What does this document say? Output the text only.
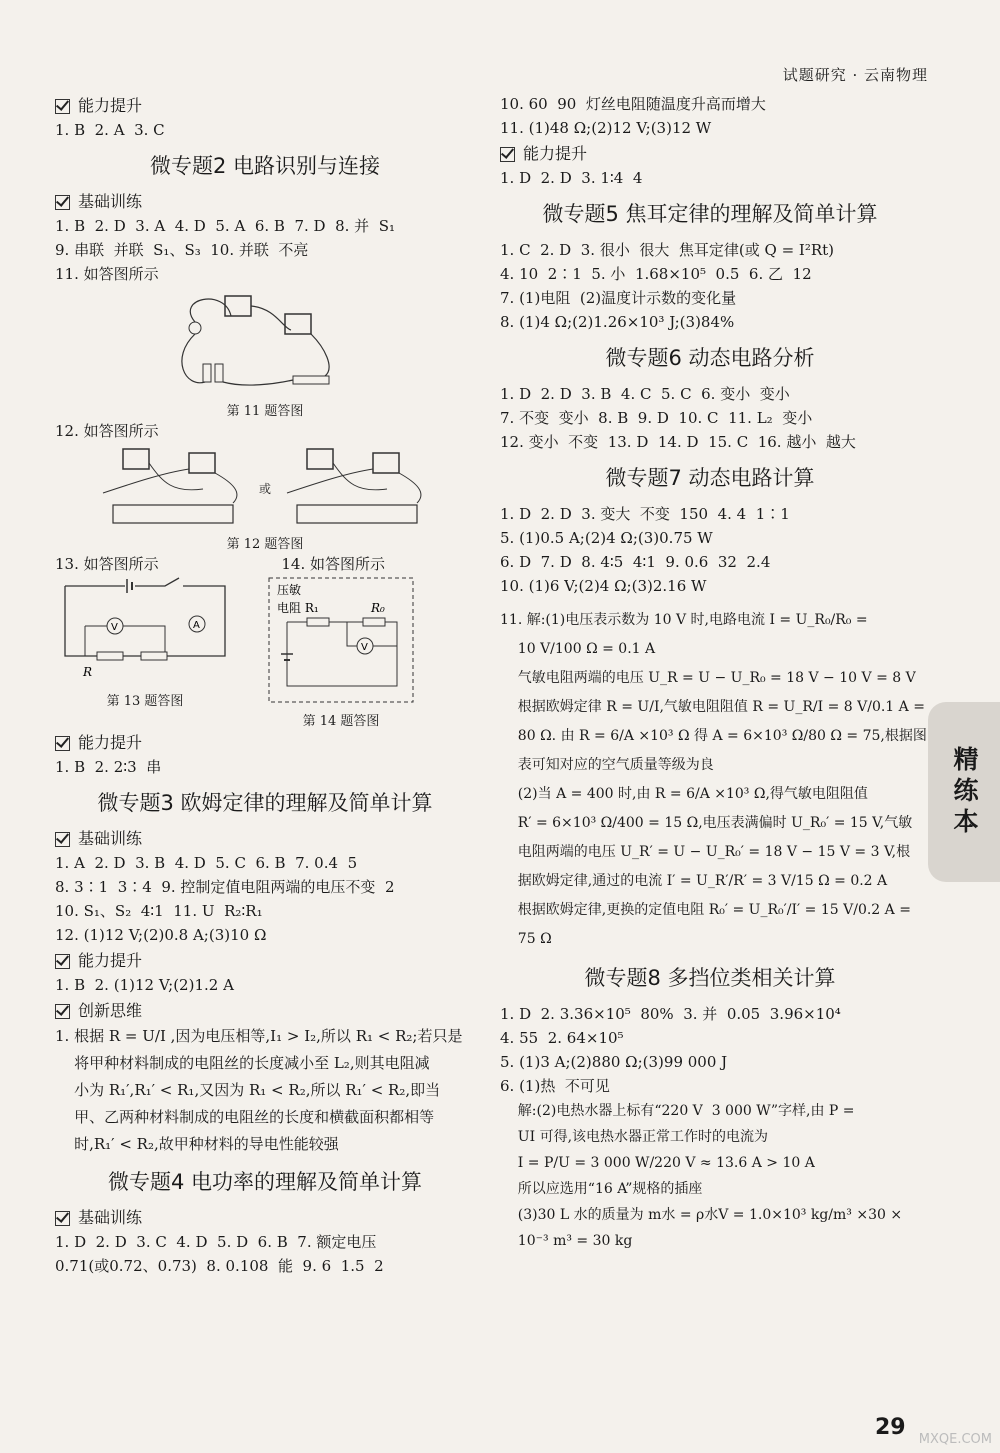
试题研究 · 云南物理
能力提升
1. B  2. A  3. C
微专题2 电路识别与连接
基础训练
1. B  2. D  3. A  4. D  5. A  6. B  7. D  8. 并  S₁
9. 串联  并联  S₁、S₃  10. 并联  不亮
11. 如答图所示
第 11 题答图
12. 如答图所示
或
第 12 题答图
13. 如答图所示	14. 如答图所示
A
V
R
第 13 题答图
压敏
电阻 R₁	R₀
V
第 14 题答图
能力提升
1. B  2. 2∶3  串
微专题3 欧姆定律的理解及简单计算
基础训练
1. A  2. D  3. B  4. D  5. C  6. B  7. 0.4  5
8. 3∶1  3∶4  9. 控制定值电阻两端的电压不变  2
10. S₁、S₂  4∶1  11. U  R₂∶R₁
12. (1)12 V;(2)0.8 A;(3)10 Ω
能力提升
1. B  2. (1)12 V;(2)1.2 A
创新思维
1. 根据 R = U/I ,因为电压相等,I₁ > I₂,所以 R₁ < R₂;若只是
将甲种材料制成的电阻丝的长度减小至 L₂,则其电阻减
小为 R₁′,R₁′ < R₁,又因为 R₁ < R₂,所以 R₁′ < R₂,即当
甲、乙两种材料制成的电阻丝的长度和横截面积都相等
时,R₁′ < R₂,故甲种材料的导电性能较强
微专题4 电功率的理解及简单计算
基础训练
1. D  2. D  3. C  4. D  5. D  6. B  7. 额定电压
0.71(或0.72、0.73)  8. 0.108  能  9. 6  1.5  2
10. 60  90  灯丝电阻随温度升高而增大
11. (1)48 Ω;(2)12 V;(3)12 W
能力提升
1. D  2. D  3. 1∶4  4
微专题5 焦耳定律的理解及简单计算
1. C  2. D  3. 很小  很大  焦耳定律(或 Q = I²Rt)
4. 10  2∶1  5. 小  1.68×10⁵  0.5  6. 乙  12
7. (1)电阻  (2)温度计示数的变化量
8. (1)4 Ω;(2)1.26×10³ J;(3)84%
微专题6 动态电路分析
1. D  2. D  3. B  4. C  5. C  6. 变小  变小
7. 不变  变小  8. B  9. D  10. C  11. L₂  变小
12. 变小  不变  13. D  14. D  15. C  16. 越小  越大
微专题7 动态电路计算
1. D  2. D  3. 变大  不变  150  4. 4  1∶1
5. (1)0.5 A;(2)4 Ω;(3)0.75 W
6. D  7. D  8. 4∶5  4∶1  9. 0.6  32  2.4
10. (1)6 V;(2)4 Ω;(3)2.16 W
11. 解:(1)电压表示数为 10 V 时,电路电流 I = U_R₀/R₀ =
10 V/100 Ω = 0.1 A
气敏电阻两端的电压 U_R = U − U_R₀ = 18 V − 10 V = 8 V
根据欧姆定律 R = U/I,气敏电阻阻值 R = U_R/I = 8 V/0.1 A =
80 Ω. 由 R = 6/A ×10³ Ω 得 A = 6×10³ Ω/80 Ω = 75,根据图
表可知对应的空气质量等级为良
(2)当 A = 400 时,由 R = 6/A ×10³ Ω,得气敏电阻阻值
R′ = 6×10³ Ω/400 = 15 Ω,电压表满偏时 U_R₀′ = 15 V,气敏
电阻两端的电压 U_R′ = U − U_R₀′ = 18 V − 15 V = 3 V,根
据欧姆定律,通过的电流 I′ = U_R′/R′ = 3 V/15 Ω = 0.2 A
根据欧姆定律,更换的定值电阻 R₀′ = U_R₀′/I′ = 15 V/0.2 A =
75 Ω
微专题8 多挡位类相关计算
1. D  2. 3.36×10⁵  80%  3. 并  0.05  3.96×10⁴
4. 55  2. 64×10⁵
5. (1)3 A;(2)880 Ω;(3)99 000 J
6. (1)热  不可见
解:(2)电热水器上标有“220 V  3 000 W”字样,由 P =
UI 可得,该电热水器正常工作时的电流为
I = P/U = 3 000 W/220 V ≈ 13.6 A > 10 A
所以应选用“16 A”规格的插座
(3)30 L 水的质量为 m水 = ρ水V = 1.0×10³ kg/m³ ×30 ×
10⁻³ m³ = 30 kg
精练本
MXQE.COM
29
